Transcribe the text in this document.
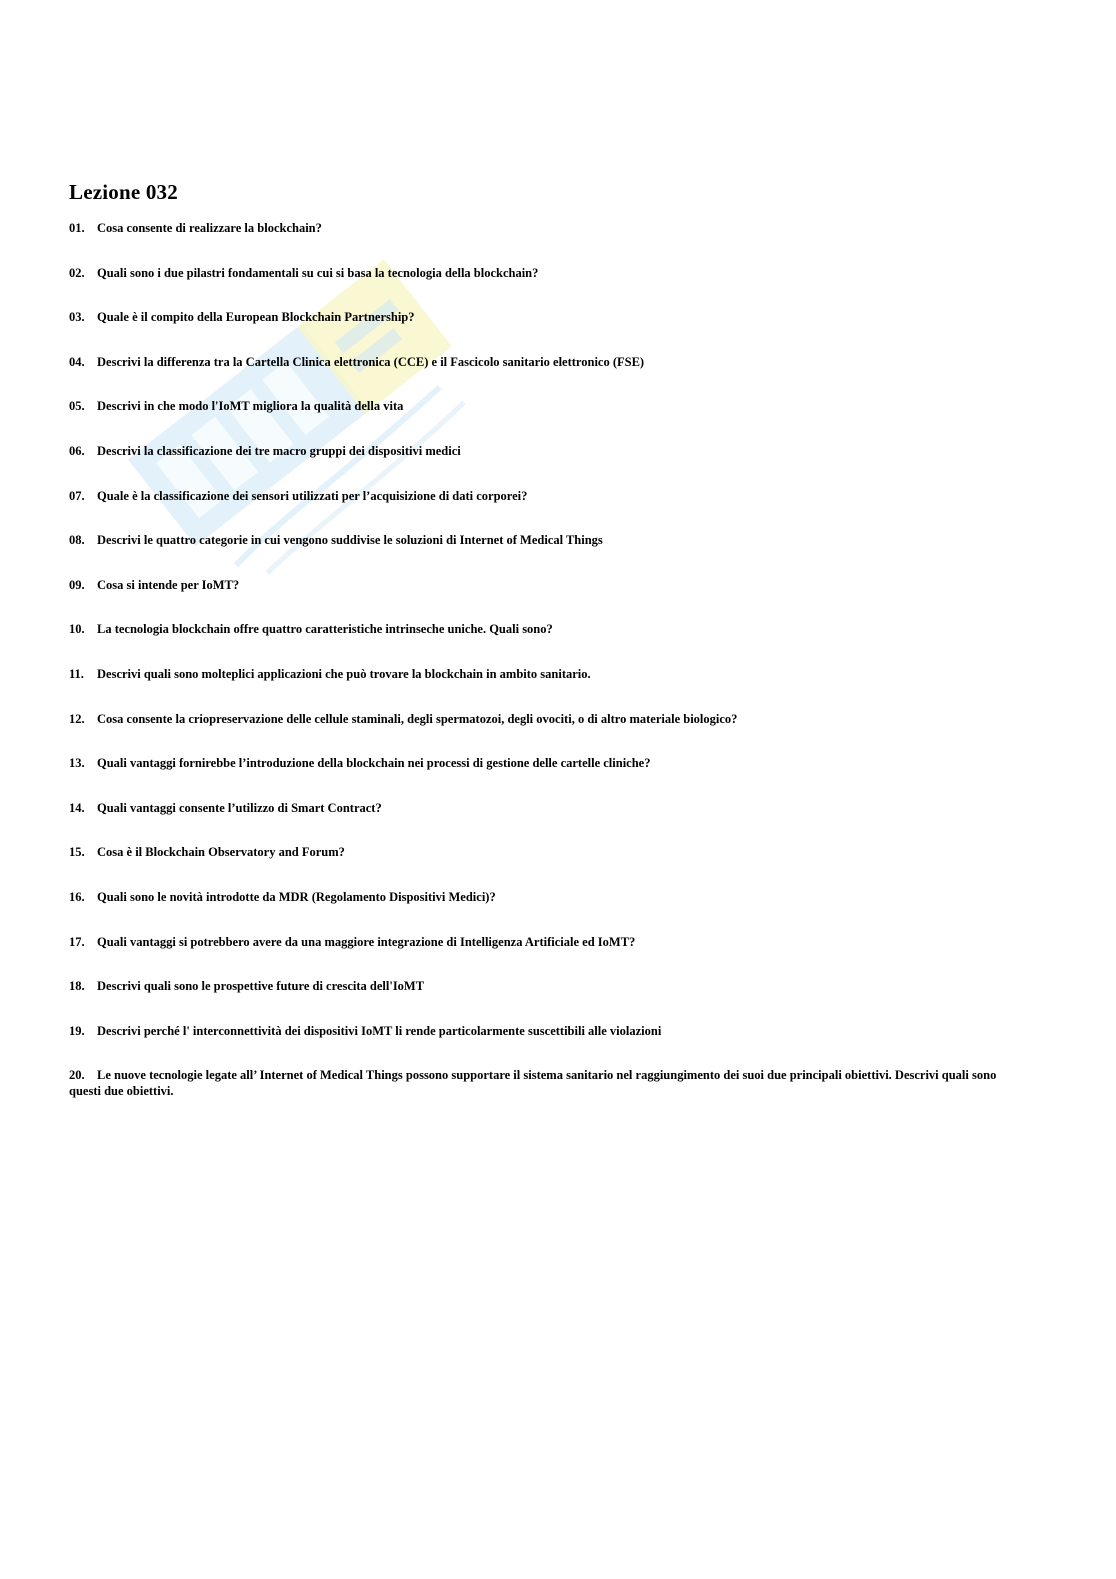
Lezione 032
01. Cosa consente di realizzare la blockchain?
02. Quali sono i due pilastri fondamentali su cui si basa la tecnologia della blockchain?
03. Quale è il compito della European Blockchain Partnership?
04. Descrivi la differenza tra la Cartella Clinica elettronica (CCE) e il Fascicolo sanitario elettronico (FSE)
05. Descrivi in che modo l'IoMT migliora la qualità della vita
06. Descrivi la classificazione dei tre macro gruppi dei dispositivi medici
07. Quale è la classificazione dei sensori utilizzati per l’acquisizione di dati corporei?
08. Descrivi le quattro categorie in cui vengono suddivise le soluzioni di Internet of Medical Things
09. Cosa si intende per IoMT?
10. La tecnologia blockchain offre quattro caratteristiche intrinseche uniche. Quali sono?
11. Descrivi quali sono molteplici applicazioni che può trovare la blockchain in ambito sanitario.
12. Cosa consente la criopreservazione delle cellule staminali, degli spermatozoi, degli ovociti, o di altro materiale biologico?
13. Quali vantaggi fornirebbe l’introduzione della blockchain nei processi di gestione delle cartelle cliniche?
14. Quali vantaggi consente l’utilizzo di Smart Contract?
15. Cosa è il Blockchain Observatory and Forum?
16. Quali sono le novità introdotte da MDR (Regolamento Dispositivi Medici)?
17. Quali vantaggi si potrebbero avere da una maggiore integrazione di Intelligenza Artificiale ed IoMT?
18. Descrivi quali sono le prospettive future di crescita dell'IoMT
19. Descrivi perché l' interconnettività dei dispositivi IoMT li rende particolarmente suscettibili alle violazioni
20. Le nuove tecnologie legate all’ Internet of Medical Things possono supportare il sistema sanitario nel raggiungimento dei suoi due principali obiettivi. Descrivi quali sono questi due obiettivi.
